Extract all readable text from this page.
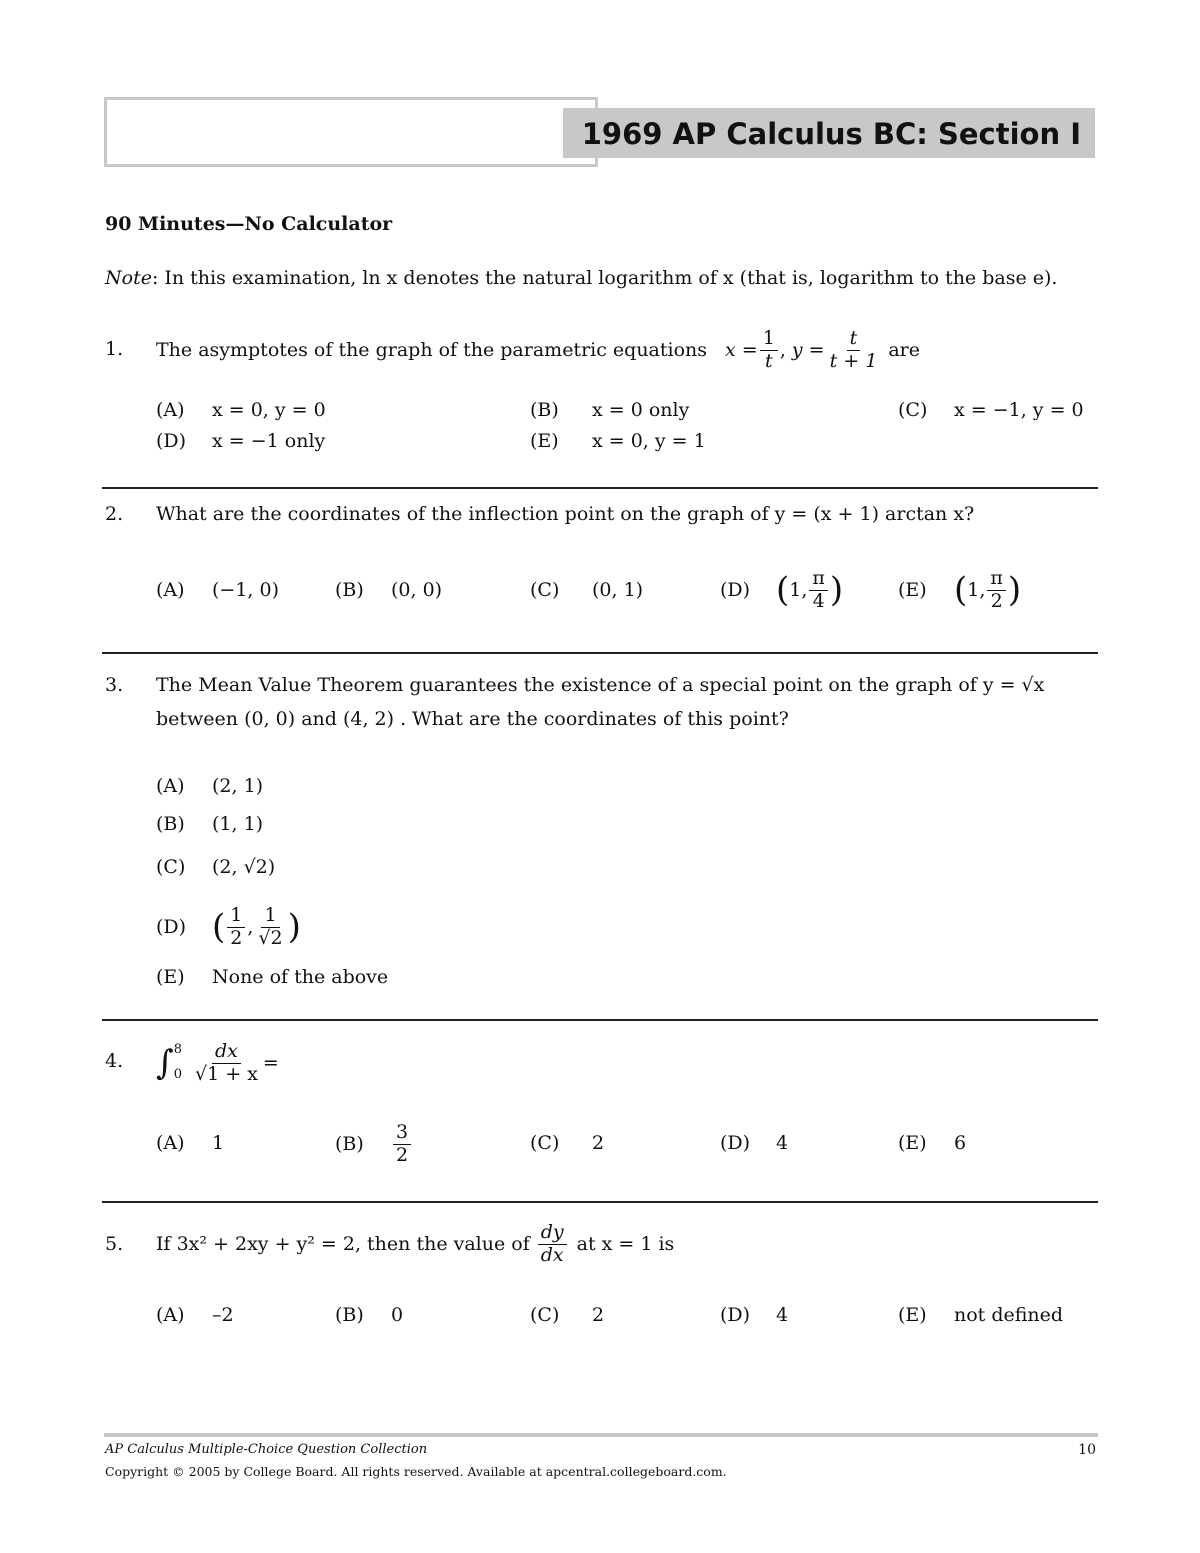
1969 AP Calculus BC: Section I
90 Minutes—No Calculator
Note: In this examination, ln x denotes the natural logarithm of x (that is, logarithm to the base e).
1. The asymptotes of the graph of the parametric equations $x = \frac{1}{t}$ , $y = \frac{t}{t + 1}$ are
(A) x = 0, y = 0	(B) x = 0 only	(C) x = −1, y = 0
(D) x = −1 only	(E) x = 0, y = 1
2. What are the coordinates of the inflection point on the graph of y = (x + 1) arctan x?
(A) (−1, 0)	(B) (0, 0)	(C) (0, 1)	(D) ( 1, $\frac{\pi}{4}$ )	(E) ( 1, $\frac{\pi}{2}$ )
3. The Mean Value Theorem guarantees the existence of a special point on the graph of y = √x
between (0, 0) and (4, 2) . What are the coordinates of this point?
(A) (2, 1)
(B) (1, 1)
(C) (2, √2)
(D) ( $\frac{1}{2}$ , $\frac{1}{√2}$ )
(E) None of the above
4. ∫ 8
$0 \frac{dx}{√1 + x}$ =
(A) 1	(B)	$\frac{3}{2}$	(C) 2	(D) 4	(E) 6
5. If 3x² + 2xy + y² = 2, then the value of $\frac{dy}{dx}$ at x = 1 is
(A) –2	(B) 0	(C) 2	(D) 4	(E) not defined
AP Calculus Multiple-Choice Question Collection	10
Copyright © 2005 by College Board. All rights reserved. Available at apcentral.collegeboard.com.
